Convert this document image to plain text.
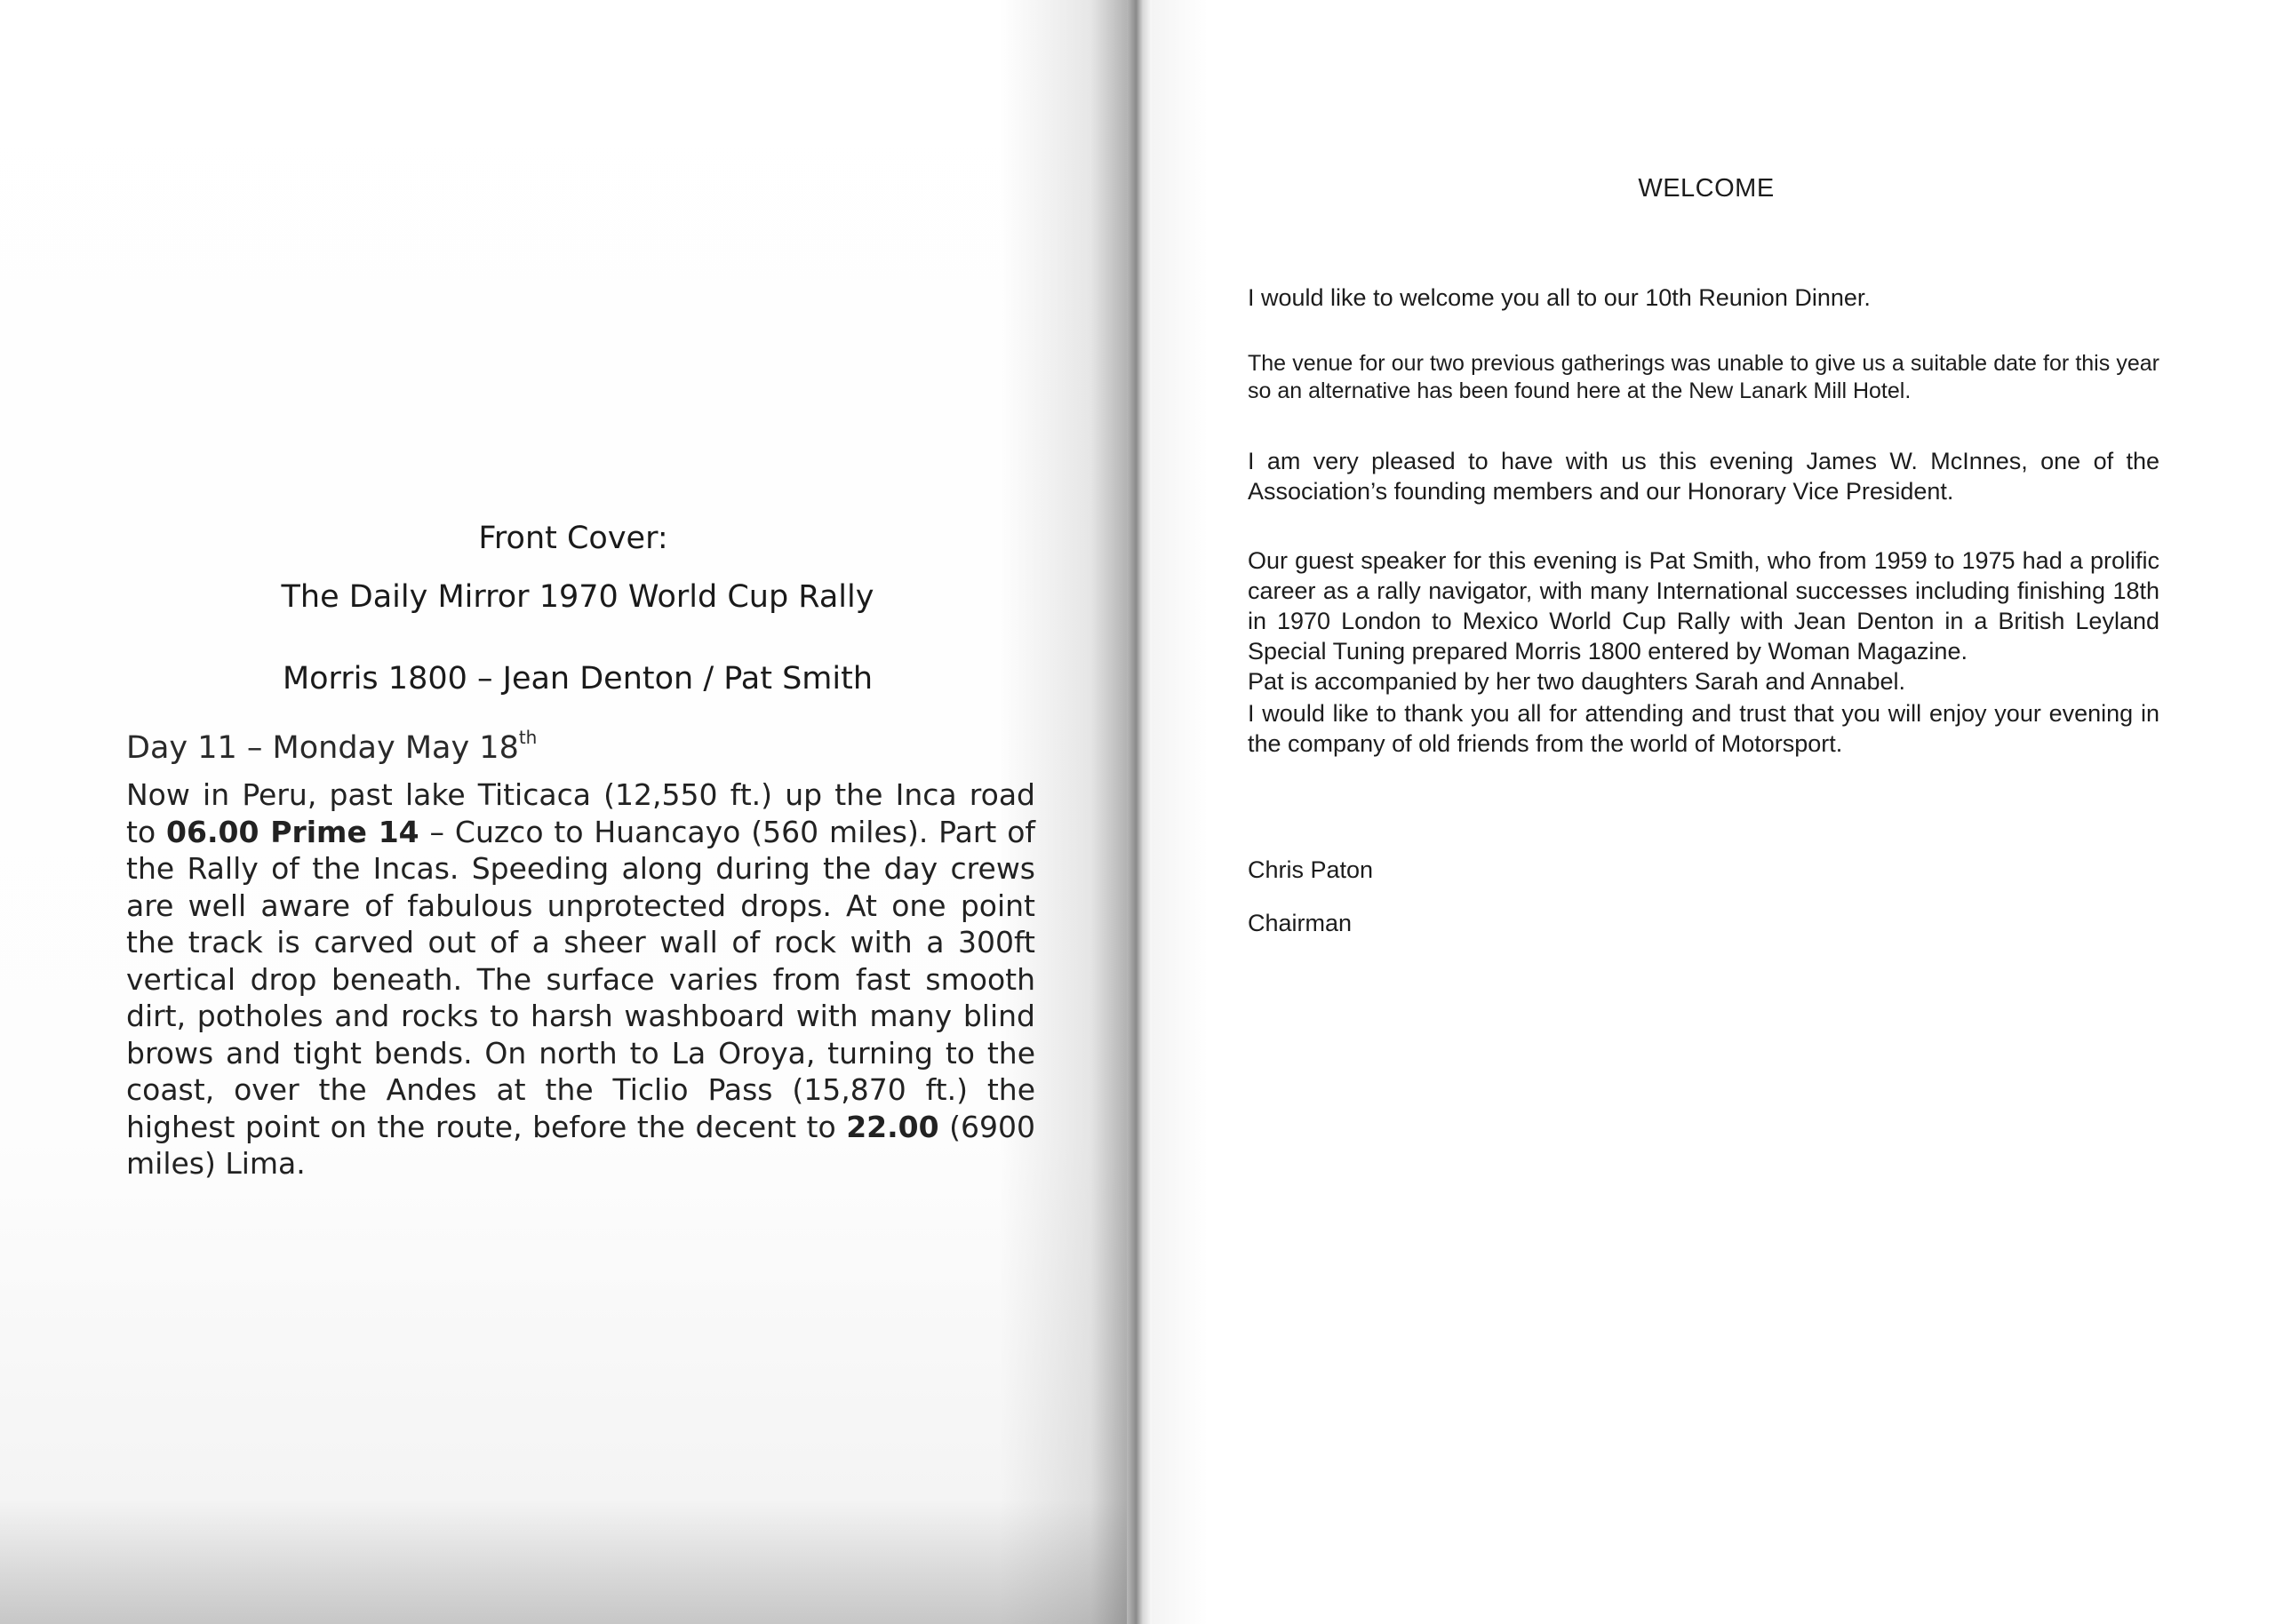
Front Cover:
The Daily Mirror 1970 World Cup Rally
Morris 1800 – Jean Denton / Pat Smith
Day 11 – Monday May 18th
Now in Peru, past lake Titicaca (12,550 ft.) up the Inca road to 06.00 Prime 14 – Cuzco to Huancayo (560 miles). Part of the Rally of the Incas. Speeding along during the day crews are well aware of fabulous unprotected drops. At one point the track is carved out of a sheer wall of rock with a 300ft vertical drop beneath. The surface varies from fast smooth dirt, potholes and rocks to harsh washboard with many blind brows and tight bends. On north to La Oroya, turning to the coast, over the Andes at the Ticlio Pass (15,870 ft.) the highest point on the route, before the decent to 22.00 (6900 miles) Lima.
WELCOME
I would like to welcome you all to our 10th Reunion Dinner.
The venue for our two previous gatherings was unable to give us a suitable date for this year so an alternative has been found here at the New Lanark Mill Hotel.
I am very pleased to have with us this evening James W. McInnes, one of the Association’s founding members and our Honorary Vice President.
Our guest speaker for this evening is Pat Smith, who from 1959 to 1975 had a prolific career as a rally navigator, with many International successes including finishing 18th in 1970 London to Mexico World Cup Rally with Jean Denton in a British Leyland Special Tuning prepared Morris 1800 entered by Woman Magazine.
Pat is accompanied by her two daughters Sarah and Annabel.
I would like to thank you all for attending and trust that you will enjoy your evening in the company of old friends from the world of Motorsport.
Chris Paton
Chairman
